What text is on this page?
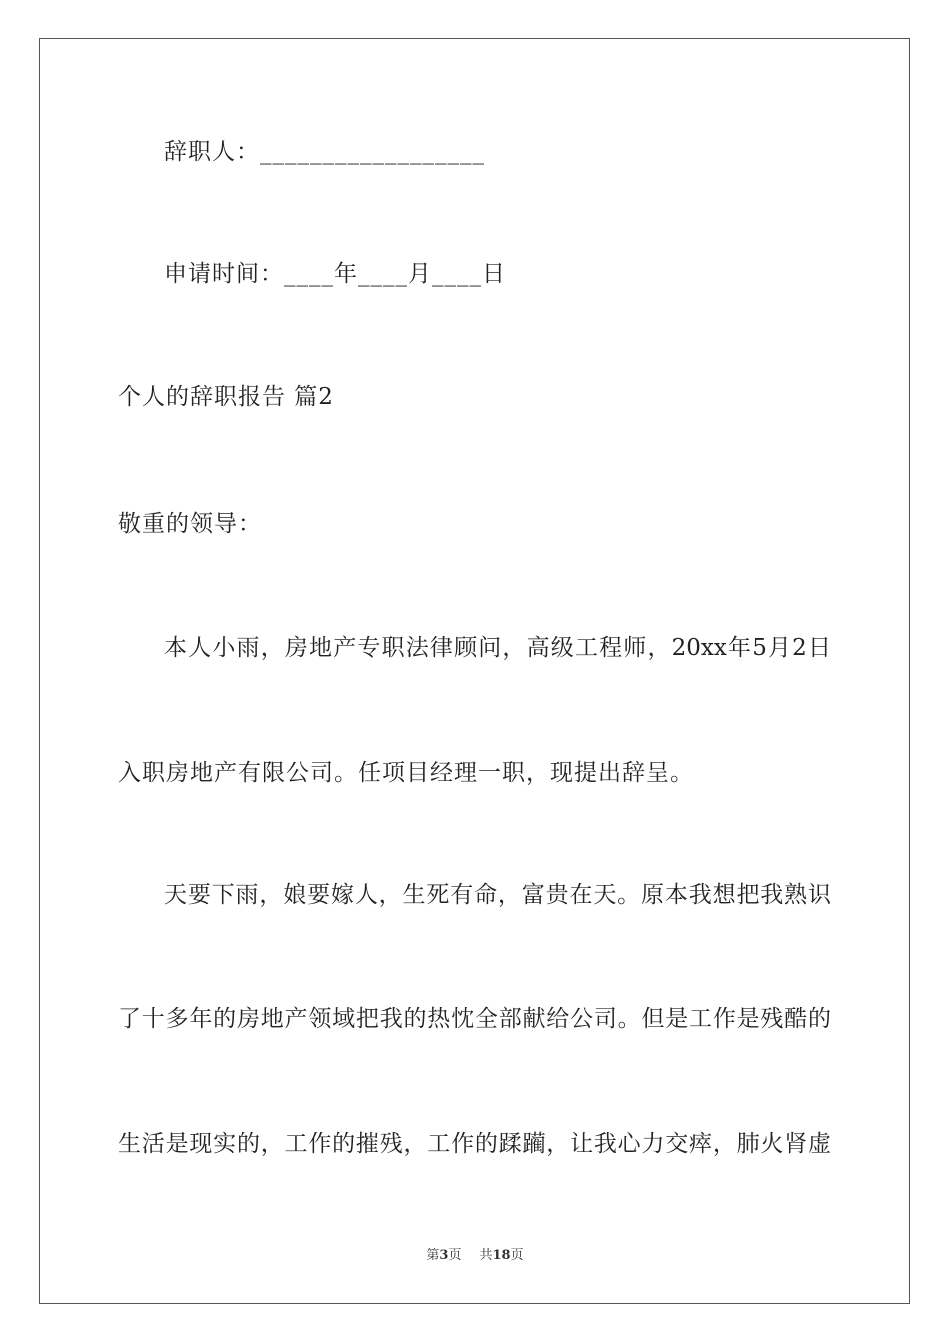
辞职人：__________________
申请时间：____年____月____日
个人的辞职报告 篇2
敬重的领导：
本人小雨，房地产专职法律顾问，高级工程师，20xx年5月2日
入职房地产有限公司。任项目经理一职，现提出辞呈。
天要下雨，娘要嫁人，生死有命，富贵在天。原本我想把我熟识
了十多年的房地产领域把我的热忱全部献给公司。但是工作是残酷的
生活是现实的，工作的摧残，工作的蹂躏，让我心力交瘁，肺火肾虚
第3页 共18页
